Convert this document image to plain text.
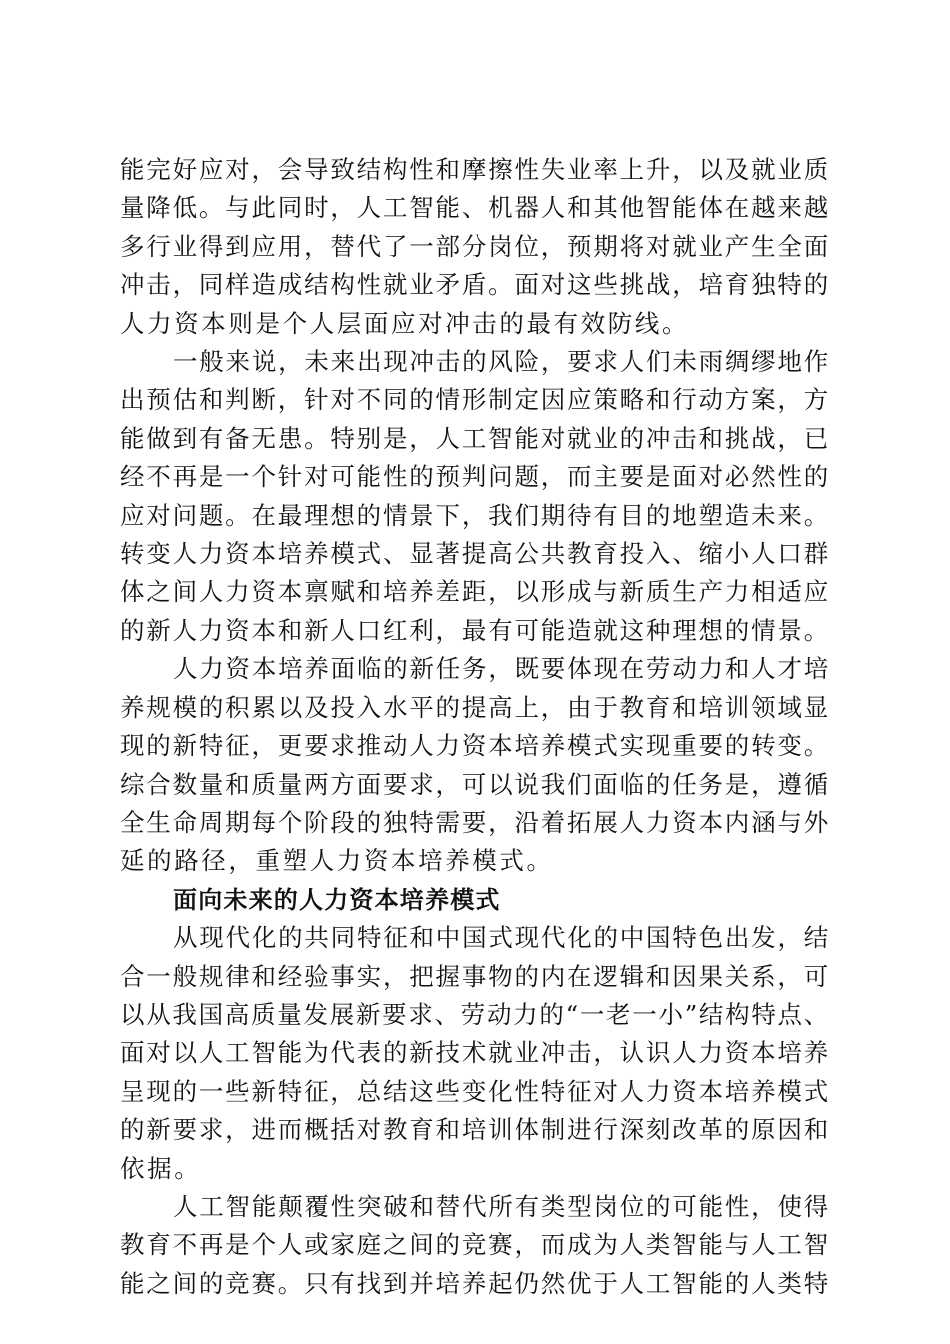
能完好应对，会导致结构性和摩擦性失业率上升，以及就业质
量降低。与此同时，人工智能、机器人和其他智能体在越来越
多行业得到应用，替代了一部分岗位，预期将对就业产生全面
冲击，同样造成结构性就业矛盾。面对这些挑战，培育独特的
人力资本则是个人层面应对冲击的最有效防线。
一般来说，未来出现冲击的风险，要求人们未雨绸缪地作
出预估和判断，针对不同的情形制定因应策略和行动方案，方
能做到有备无患。特别是，人工智能对就业的冲击和挑战，已
经不再是一个针对可能性的预判问题，而主要是面对必然性的
应对问题。在最理想的情景下，我们期待有目的地塑造未来。
转变人力资本培养模式、显著提高公共教育投入、缩小人口群
体之间人力资本禀赋和培养差距，以形成与新质生产力相适应
的新人力资本和新人口红利，最有可能造就这种理想的情景。
人力资本培养面临的新任务，既要体现在劳动力和人才培
养规模的积累以及投入水平的提高上，由于教育和培训领域显
现的新特征，更要求推动人力资本培养模式实现重要的转变。
综合数量和质量两方面要求，可以说我们面临的任务是，遵循
全生命周期每个阶段的独特需要，沿着拓展人力资本内涵与外
延的路径，重塑人力资本培养模式。
面向未来的人力资本培养模式
从现代化的共同特征和中国式现代化的中国特色出发，结
合一般规律和经验事实，把握事物的内在逻辑和因果关系，可
以从我国高质量发展新要求、劳动力的“一老一小”结构特点、
面对以人工智能为代表的新技术就业冲击，认识人力资本培养
呈现的一些新特征，总结这些变化性特征对人力资本培养模式
的新要求，进而概括对教育和培训体制进行深刻改革的原因和
依据。
人工智能颠覆性突破和替代所有类型岗位的可能性，使得
教育不再是个人或家庭之间的竞赛，而成为人类智能与人工智
能之间的竞赛。只有找到并培养起仍然优于人工智能的人类特
